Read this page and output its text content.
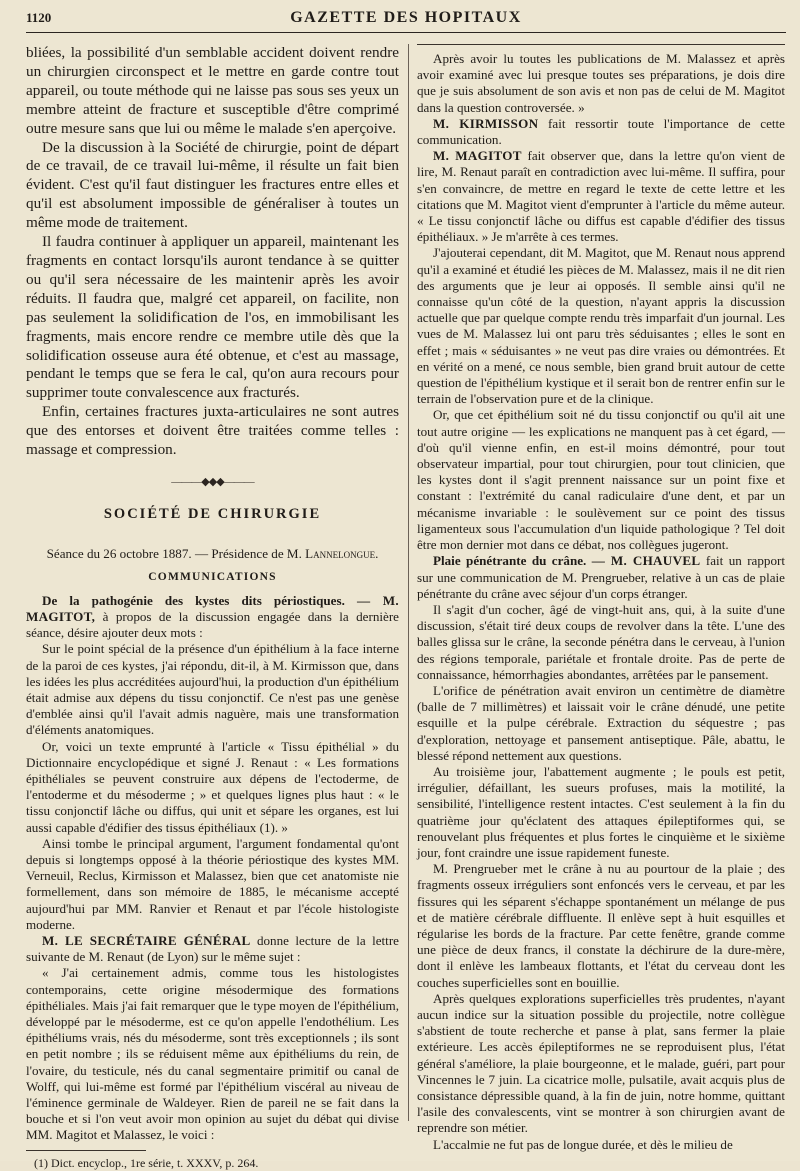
1120	GAZETTE DES HOPITAUX

bliées, la possibilité d'un semblable accident doivent rendre un chirurgien circonspect et le mettre en garde contre tout appareil, ou toute méthode qui ne laisse pas sous ses yeux un membre atteint de fracture et susceptible d'être comprimé outre mesure sans que lui ou même le malade s'en aperçoive.

De la discussion à la Société de chirurgie, point de départ de ce travail, de ce travail lui-même, il résulte un fait bien évident. C'est qu'il faut distinguer les fractures entre elles et qu'il est absolument impossible de généraliser à toutes un même mode de traitement.

Il faudra continuer à appliquer un appareil, maintenant les fragments en contact lorsqu'ils auront tendance à se quitter ou qu'il sera nécessaire de les maintenir après les avoir réduits. Il faudra que, malgré cet appareil, on facilite, non pas seulement la solidification de l'os, en immobilisant les fragments, mais encore rendre ce membre utile dès que la solidification osseuse aura été obtenue, et c'est au massage, pendant le temps que se fera le cal, qu'on aura recours pour supprimer toute convalescence aux fracturés.

Enfin, certaines fractures juxta-articulaires ne sont autres que des entorses et doivent être traitées comme telles : massage et compression.

———◆◆◆———
SOCIÉTÉ DE CHIRURGIE
Séance du 26 octobre 1887. — Présidence de M. Lannelongue.
COMMUNICATIONS

De la pathogénie des kystes dits périostiques. — M. MAGITOT, à propos de la discussion engagée dans la dernière séance, désire ajouter deux mots :

Sur le point spécial de la présence d'un épithélium à la face interne de la paroi de ces kystes, j'ai répondu, dit-il, à M. Kirmisson que, dans les idées les plus accréditées aujourd'hui, la production d'un épithélium était admise aux dépens du tissu conjonctif. Ce n'est pas une genèse d'emblée ainsi qu'il l'avait admis naguère, mais une transformation d'éléments anatomiques.

Or, voici un texte emprunté à l'article « Tissu épithélial » du Dictionnaire encyclopédique et signé J. Renaut : « Les formations épithéliales se peuvent construire aux dépens de l'ectoderme, de l'entoderme et du mésoderme ; » et quelques lignes plus haut : « le tissu conjonctif lâche ou diffus, qui unit et sépare les organes, est lui aussi capable d'édifier des tissus épithéliaux (1). »

Ainsi tombe le principal argument, l'argument fondamental qu'ont depuis si longtemps opposé à la théorie périostique des kystes MM. Verneuil, Reclus, Kirmisson et Malassez, bien que cet anatomiste nie formellement, dans son mémoire de 1885, le mécanisme accepté aujourd'hui par MM. Ranvier et Renaut et par l'école histologiste moderne.

M. LE SECRÉTAIRE GÉNÉRAL donne lecture de la lettre suivante de M. Renaut (de Lyon) sur le même sujet :

« J'ai certainement admis, comme tous les histologistes contemporains, cette origine mésodermique des formations épithéliales. Mais j'ai fait remarquer que le type moyen de l'épithélium, développé par le mésoderme, est ce qu'on appelle l'endothélium. Les épithéliums vrais, nés du mésoderme, sont très exceptionnels ; ils sont en petit nombre ; ils se réduisent même aux épithéliums du rein, de l'ovaire, du testicule, nés du canal segmentaire primitif ou canal de Wolff, qui lui-même est formé par l'épithélium viscéral au niveau de l'éminence germinale de Waldeyer. Rien de pareil ne se fait dans la bouche et si l'on veut avoir mon opinion au sujet du débat qui divise MM. Magitot et Malassez, le voici :

(1) Dict. encyclop., 1re série, t. XXXV, p. 264.

Après avoir lu toutes les publications de M. Malassez et après avoir examiné avec lui presque toutes ses préparations, je dois dire que je suis absolument de son avis et non pas de celui de M. Magitot dans la question controversée. »

M. KIRMISSON fait ressortir toute l'importance de cette communication.

M. MAGITOT fait observer que, dans la lettre qu'on vient de lire, M. Renaut paraît en contradiction avec lui-même. Il suffira, pour s'en convaincre, de mettre en regard le texte de cette lettre et les citations que M. Magitot vient d'emprunter à l'article du même auteur. « Le tissu conjonctif lâche ou diffus est capable d'édifier des tissus épithéliaux. » Je m'arrête à ces termes.

J'ajouterai cependant, dit M. Magitot, que M. Renaut nous apprend qu'il a examiné et étudié les pièces de M. Malassez, mais il ne dit rien des arguments que je leur ai opposés. Il semble ainsi qu'il ne connaisse qu'un côté de la question, n'ayant appris la discussion actuelle que par quelque compte rendu très imparfait d'un journal. Les vues de M. Malassez lui ont paru très séduisantes ; elles le sont en effet ; mais « séduisantes » ne veut pas dire vraies ou démontrées. Et en vérité on a mené, ce nous semble, bien grand bruit autour de cette question de l'épithélium kystique et il serait bon de rentrer enfin sur le terrain de l'observation pure et de la clinique.

Or, que cet épithélium soit né du tissu conjonctif ou qu'il ait une tout autre origine — les explications ne manquent pas à cet égard, — d'où qu'il vienne enfin, en est-il moins démontré, pour tout observateur impartial, pour tout chirurgien, pour tout clinicien, que les kystes dont il s'agit prennent naissance sur un point fixe et constant : l'extrémité du canal radiculaire d'une dent, et par un mécanisme invariable : le soulèvement sur ce point des tissus ligamenteux sous l'accumulation d'un liquide pathologique ? Tel doit être mon dernier mot dans ce débat, nos collègues jugeront.

Plaie pénétrante du crâne. — M. CHAUVEL fait un rapport sur une communication de M. Prengrueber, relative à un cas de plaie pénétrante du crâne avec séjour d'un corps étranger.

Il s'agit d'un cocher, âgé de vingt-huit ans, qui, à la suite d'une discussion, s'était tiré deux coups de revolver dans la tête. L'une des balles glissa sur le crâne, la seconde pénétra dans le cerveau, à l'union des régions temporale, pariétale et frontale droite. Pas de perte de connaissance, hémorrhagies abondantes, arrêtées par le pansement.

L'orifice de pénétration avait environ un centimètre de diamètre (balle de 7 millimètres) et laissait voir le crâne dénudé, une petite esquille et la pulpe cérébrale. Extraction du séquestre ; pas d'exploration, nettoyage et pansement antiseptique. Pâle, abattu, le blessé répond nettement aux questions.

Au troisième jour, l'abattement augmente ; le pouls est petit, irrégulier, défaillant, les sueurs profuses, mais la motilité, la sensibilité, l'intelligence restent intactes. C'est seulement à la fin du quatrième jour qu'éclatent des attaques épileptiformes qui, se renouvelant plus fréquentes et plus fortes le cinquième et le sixième jour, font craindre une issue rapidement funeste.

M. Prengrueber met le crâne à nu au pourtour de la plaie ; des fragments osseux irréguliers sont enfoncés vers le cerveau, et par les fissures qui les séparent s'échappe spontanément un mélange de pus et de matière cérébrale diffluente. Il enlève sept à huit esquilles et régularise les bords de la fracture. Par cette fenêtre, grande comme une pièce de deux francs, il constate la déchirure de la dure-mère, dont il enlève les lambeaux flottants, et l'état du cerveau dont les couches superficielles sont en bouillie.

Après quelques explorations superficielles très prudentes, n'ayant aucun indice sur la situation possible du projectile, notre collègue s'abstient de toute recherche et panse à plat, sans fermer la plaie extérieure. Les accès épileptiformes ne se reproduisent plus, l'état général s'améliore, la plaie bourgeonne, et le malade, guéri, part pour Vincennes le 7 juin. La cicatrice molle, pulsatile, avait acquis plus de consistance dépressible quand, à la fin de juin, notre homme, quittant l'asile des convalescents, vint se montrer à son chirurgien avant de reprendre son métier.

L'accalmie ne fut pas de longue durée, et dès le milieu de
